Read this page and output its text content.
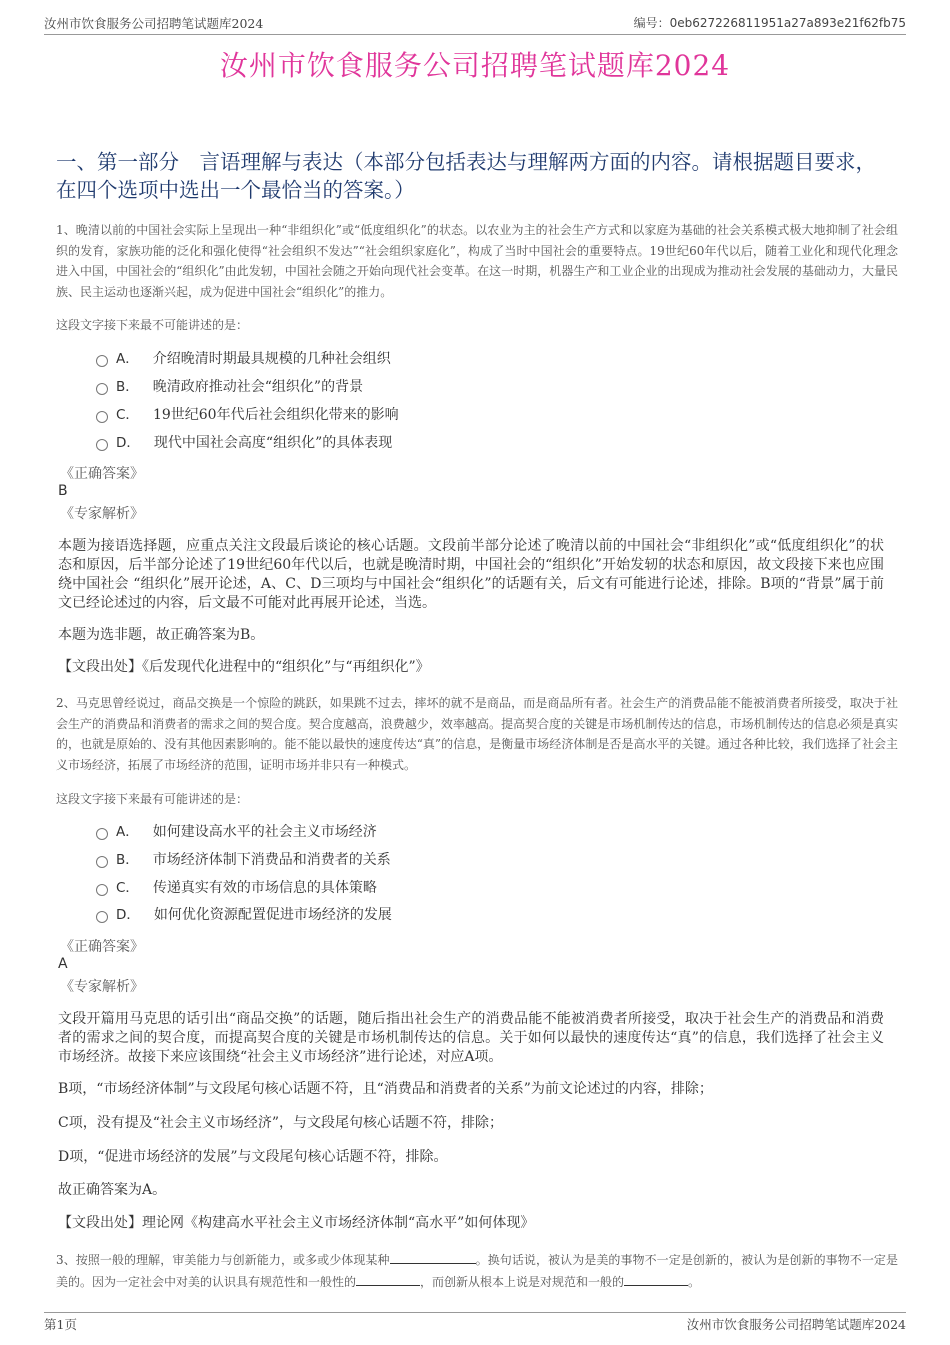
汝州市饮食服务公司招聘笔试题库2024	编号：0eb627226811951a27a893e21f62fb75
汝州市饮食服务公司招聘笔试题库2024
一、第一部分　言语理解与表达（本部分包括表达与理解两方面的内容。请根据题目要求，在四个选项中选出一个最恰当的答案。）
1、晚清以前的中国社会实际上呈现出一种“非组织化”或“低度组织化”的状态。以农业为主的社会生产方式和以家庭为基础的社会关系模式极大地抑制了社会组织的发育，家族功能的泛化和强化使得“社会组织不发达”“社会组织家庭化”，构成了当时中国社会的重要特点。19世纪60年代以后，随着工业化和现代化理念进入中国，中国社会的“组织化”由此发轫，中国社会随之开始向现代社会变革。在这一时期，机器生产和工业企业的出现成为推动社会发展的基础动力，大量民族、民主运动也逐渐兴起，成为促进中国社会“组织化”的推力。
这段文字接下来最不可能讲述的是：
A． 介绍晚清时期最具规模的几种社会组织
B． 晚清政府推动社会“组织化”的背景
C． 19世纪60年代后社会组织化带来的影响
D． 现代中国社会高度“组织化”的具体表现
《正确答案》
B
《专家解析》
本题为接语选择题，应重点关注文段最后谈论的核心话题。文段前半部分论述了晚清以前的中国社会“非组织化”或“低度组织化”的状态和原因，后半部分论述了19世纪60年代以后，也就是晚清时期，中国社会的“组织化”开始发轫的状态和原因，故文段接下来也应围绕中国社会 “组织化”展开论述，A、C、D三项均与中国社会“组织化”的话题有关，后文有可能进行论述，排除。B项的“背景”属于前文已经论述过的内容，后文最不可能对此再展开论述，当选。
本题为选非题，故正确答案为B。
【文段出处】《后发现代化进程中的“组织化”与“再组织化”》
2、马克思曾经说过，商品交换是一个惊险的跳跃，如果跳不过去，摔坏的就不是商品，而是商品所有者。社会生产的消费品能不能被消费者所接受，取决于社会生产的消费品和消费者的需求之间的契合度。契合度越高，浪费越少，效率越高。提高契合度的关键是市场机制传达的信息，市场机制传达的信息必须是真实的，也就是原始的、没有其他因素影响的。能不能以最快的速度传达“真”的信息，是衡量市场经济体制是否是高水平的关键。通过各种比较，我们选择了社会主义市场经济，拓展了市场经济的范围，证明市场并非只有一种模式。
这段文字接下来最有可能讲述的是：
A． 如何建设高水平的社会主义市场经济
B． 市场经济体制下消费品和消费者的关系
C． 传递真实有效的市场信息的具体策略
D． 如何优化资源配置促进市场经济的发展
《正确答案》
A
《专家解析》
文段开篇用马克思的话引出“商品交换”的话题，随后指出社会生产的消费品能不能被消费者所接受，取决于社会生产的消费品和消费者的需求之间的契合度，而提高契合度的关键是市场机制传达的信息。关于如何以最快的速度传达“真”的信息，我们选择了社会主义市场经济。故接下来应该围绕“社会主义市场经济”进行论述，对应A项。
B项，“市场经济体制”与文段尾句核心话题不符，且“消费品和消费者的关系”为前文论述过的内容，排除；
C项，没有提及“社会主义市场经济”，与文段尾句核心话题不符，排除；
D项，“促进市场经济的发展”与文段尾句核心话题不符，排除。
故正确答案为A。
【文段出处】理论网《构建高水平社会主义市场经济体制“高水平”如何体现》
3、按照一般的理解，审美能力与创新能力，或多或少体现某种	。换句话说，被认为是美的事物不一定是创新的，被认为是创新的事物不一定是美的。因为一定社会中对美的认识具有规范性和一般性的	，而创新从根本上说是对规范和一般的	。
第1页	汝州市饮食服务公司招聘笔试题库2024
